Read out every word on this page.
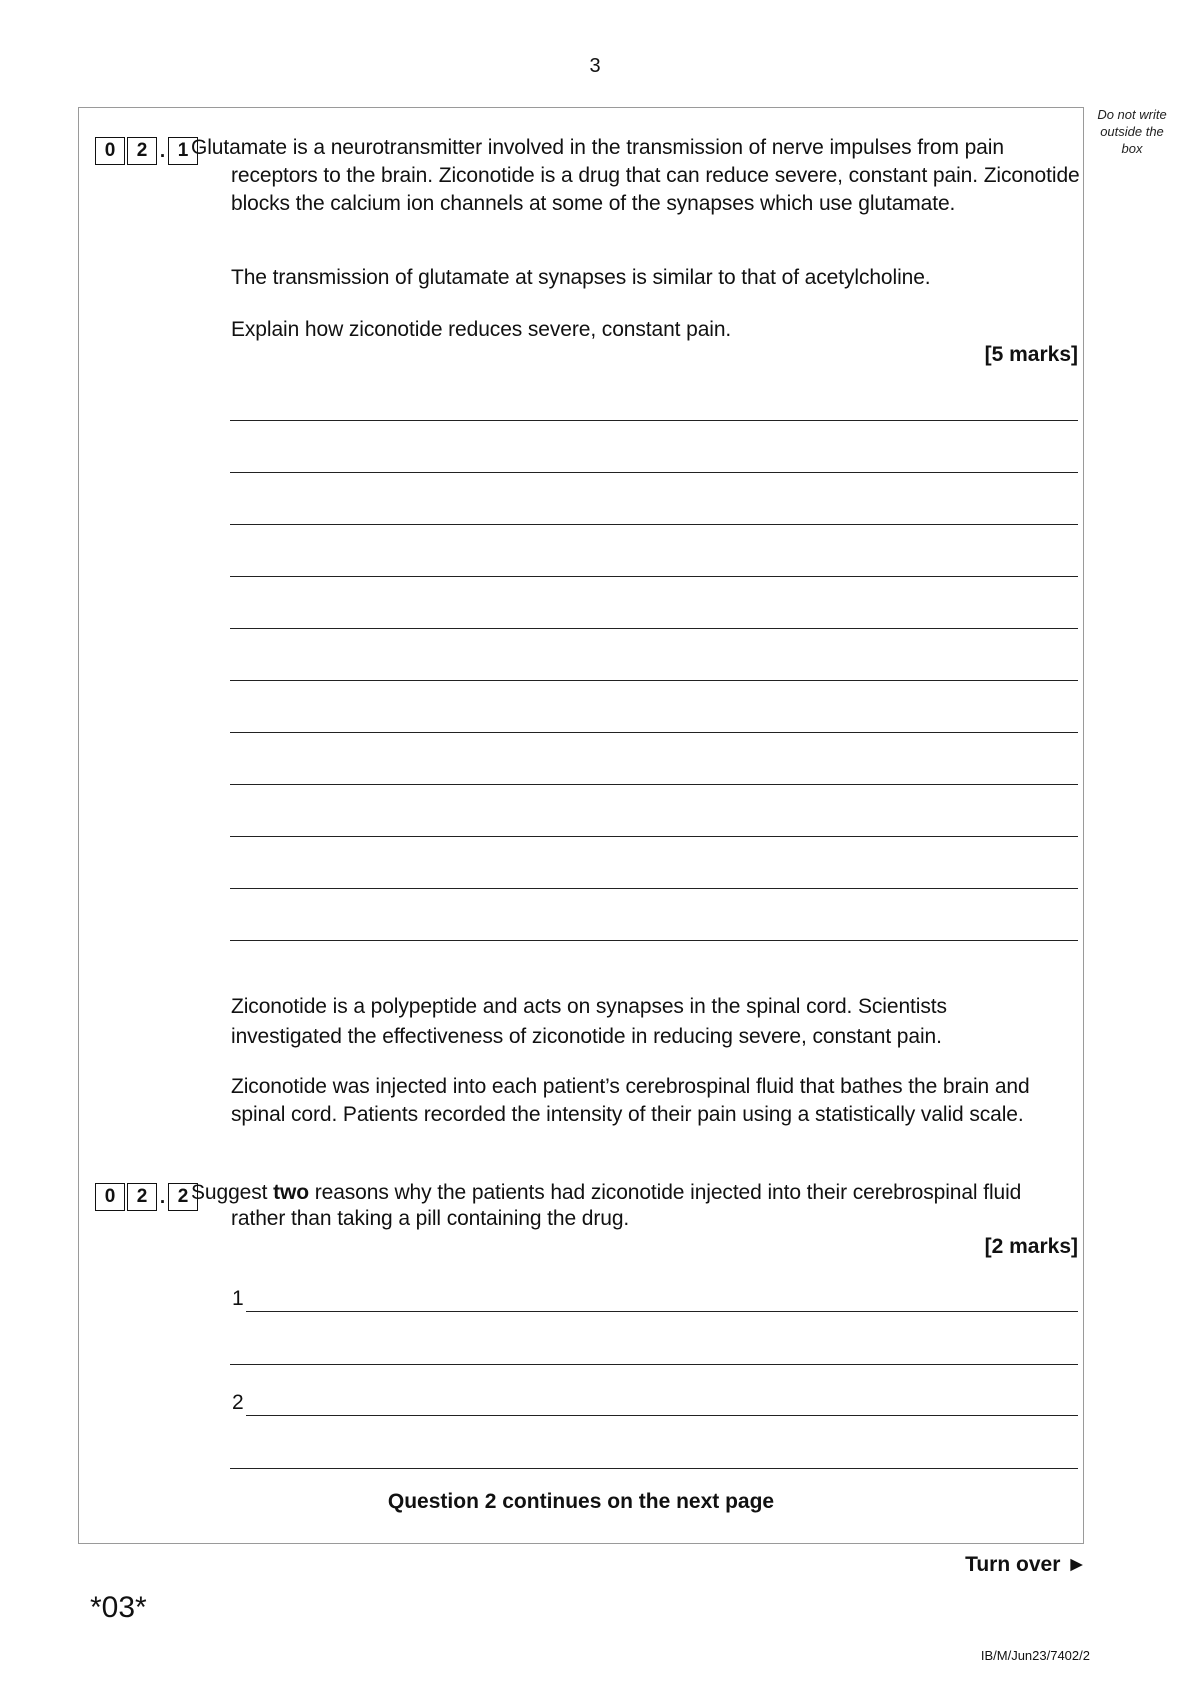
3
Do not write outside the box
0	2 . 1 Glutamate is a neurotransmitter involved in the transmission of nerve impulses from pain receptors to the brain. Ziconotide is a drug that can reduce severe, constant pain. Ziconotide blocks the calcium ion channels at some of the synapses which use glutamate.
The transmission of glutamate at synapses is similar to that of acetylcholine.
Explain how ziconotide reduces severe, constant pain.
[5 marks]
Ziconotide is a polypeptide and acts on synapses in the spinal cord. Scientists investigated the effectiveness of ziconotide in reducing severe, constant pain.
Ziconotide was injected into each patient’s cerebrospinal fluid that bathes the brain and spinal cord. Patients recorded the intensity of their pain using a statistically valid scale.
0	2 . 2 Suggest two reasons why the patients had ziconotide injected into their cerebrospinal fluid rather than taking a pill containing the drug.
[2 marks]
1
2
Question 2 continues on the next page
Turn over ►
*03*
IB/M/Jun23/7402/2
